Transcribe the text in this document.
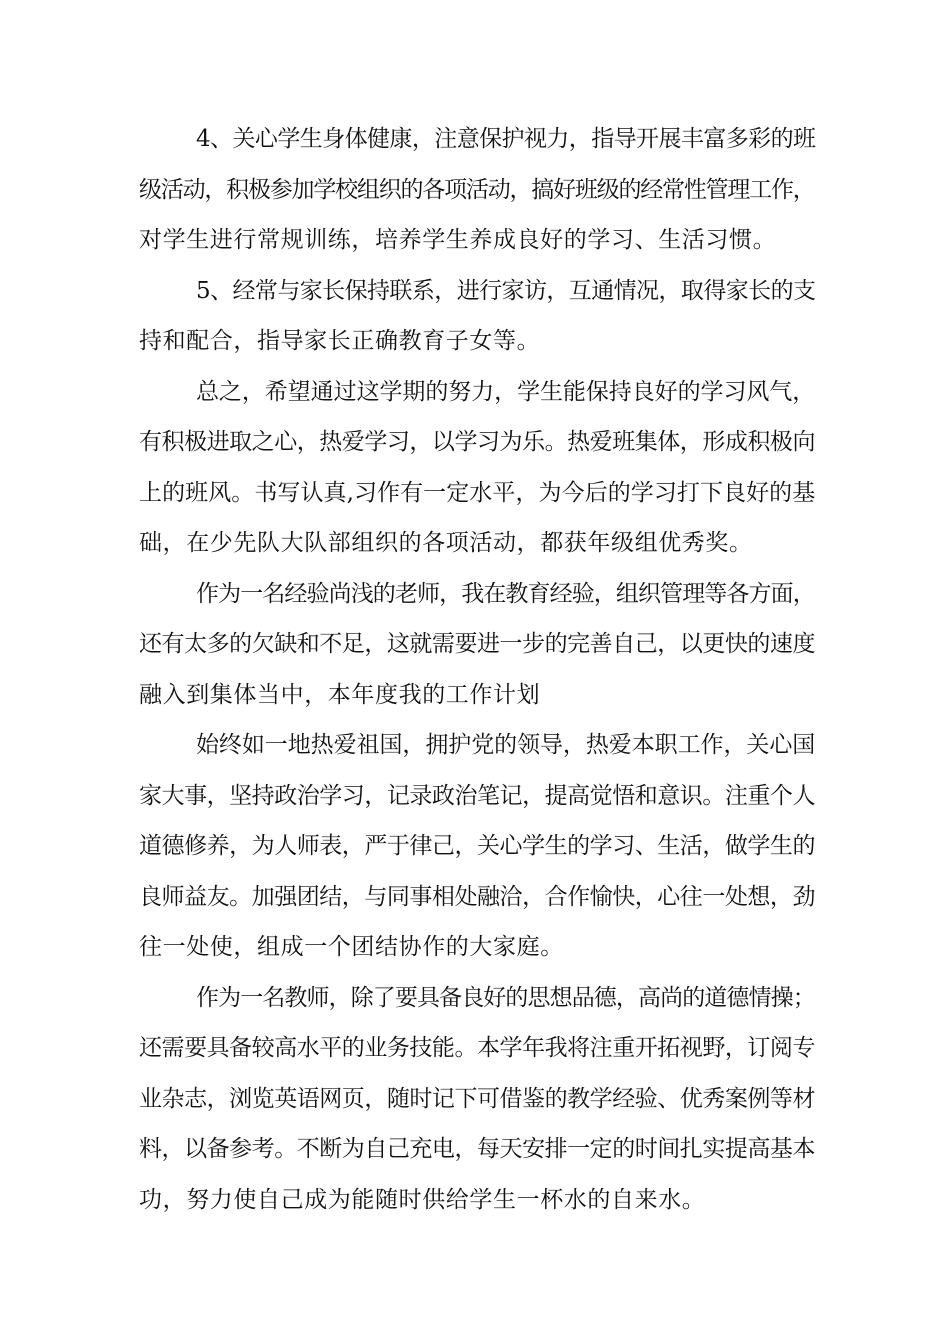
4、关心学生身体健康，注意保护视力，指导开展丰富多彩的班
级活动，积极参加学校组织的各项活动，搞好班级的经常性管理工作，
对学生进行常规训练，培养学生养成良好的学习、生活习惯。
5、经常与家长保持联系，进行家访，互通情况，取得家长的支
持和配合，指导家长正确教育子女等。
总之，希望通过这学期的努力，学生能保持良好的学习风气，
有积极进取之心，热爱学习，以学习为乐。热爱班集体，形成积极向
上的班风。书写认真,习作有一定水平，为今后的学习打下良好的基
础，在少先队大队部组织的各项活动，都获年级组优秀奖。
作为一名经验尚浅的老师，我在教育经验，组织管理等各方面，
还有太多的欠缺和不足，这就需要进一步的完善自己，以更快的速度
融入到集体当中，本年度我的工作计划
始终如一地热爱祖国，拥护党的领导，热爱本职工作，关心国
家大事，坚持政治学习，记录政治笔记，提高觉悟和意识。注重个人
道德修养，为人师表，严于律己，关心学生的学习、生活，做学生的
良师益友。加强团结，与同事相处融洽，合作愉快，心往一处想，劲
往一处使，组成一个团结协作的大家庭。
作为一名教师，除了要具备良好的思想品德，高尚的道德情操；
还需要具备较高水平的业务技能。本学年我将注重开拓视野，订阅专
业杂志，浏览英语网页，随时记下可借鉴的教学经验、优秀案例等材
料，以备参考。不断为自己充电，每天安排一定的时间扎实提高基本
功，努力使自己成为能随时供给学生一杯水的自来水。
